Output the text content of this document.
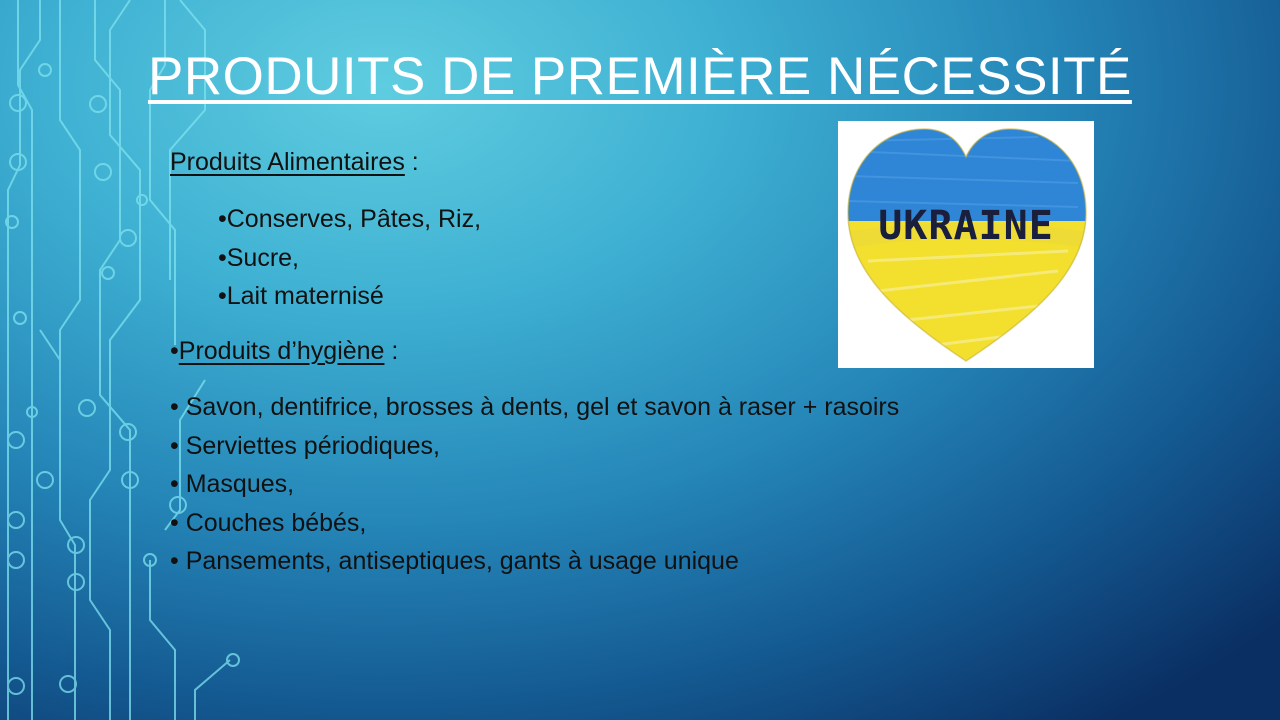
PRODUITS DE PREMIÈRE NÉCESSITÉ
Produits Alimentaires :
•Conserves, Pâtes, Riz,
•Sucre,
•Lait maternisé
•Produits d’hygiène :
• Savon, dentifrice, brosses à dents, gel et savon à raser + rasoirs
• Serviettes périodiques,
• Masques,
• Couches bébés,
• Pansements, antiseptiques, gants à usage unique
UKRAINE
